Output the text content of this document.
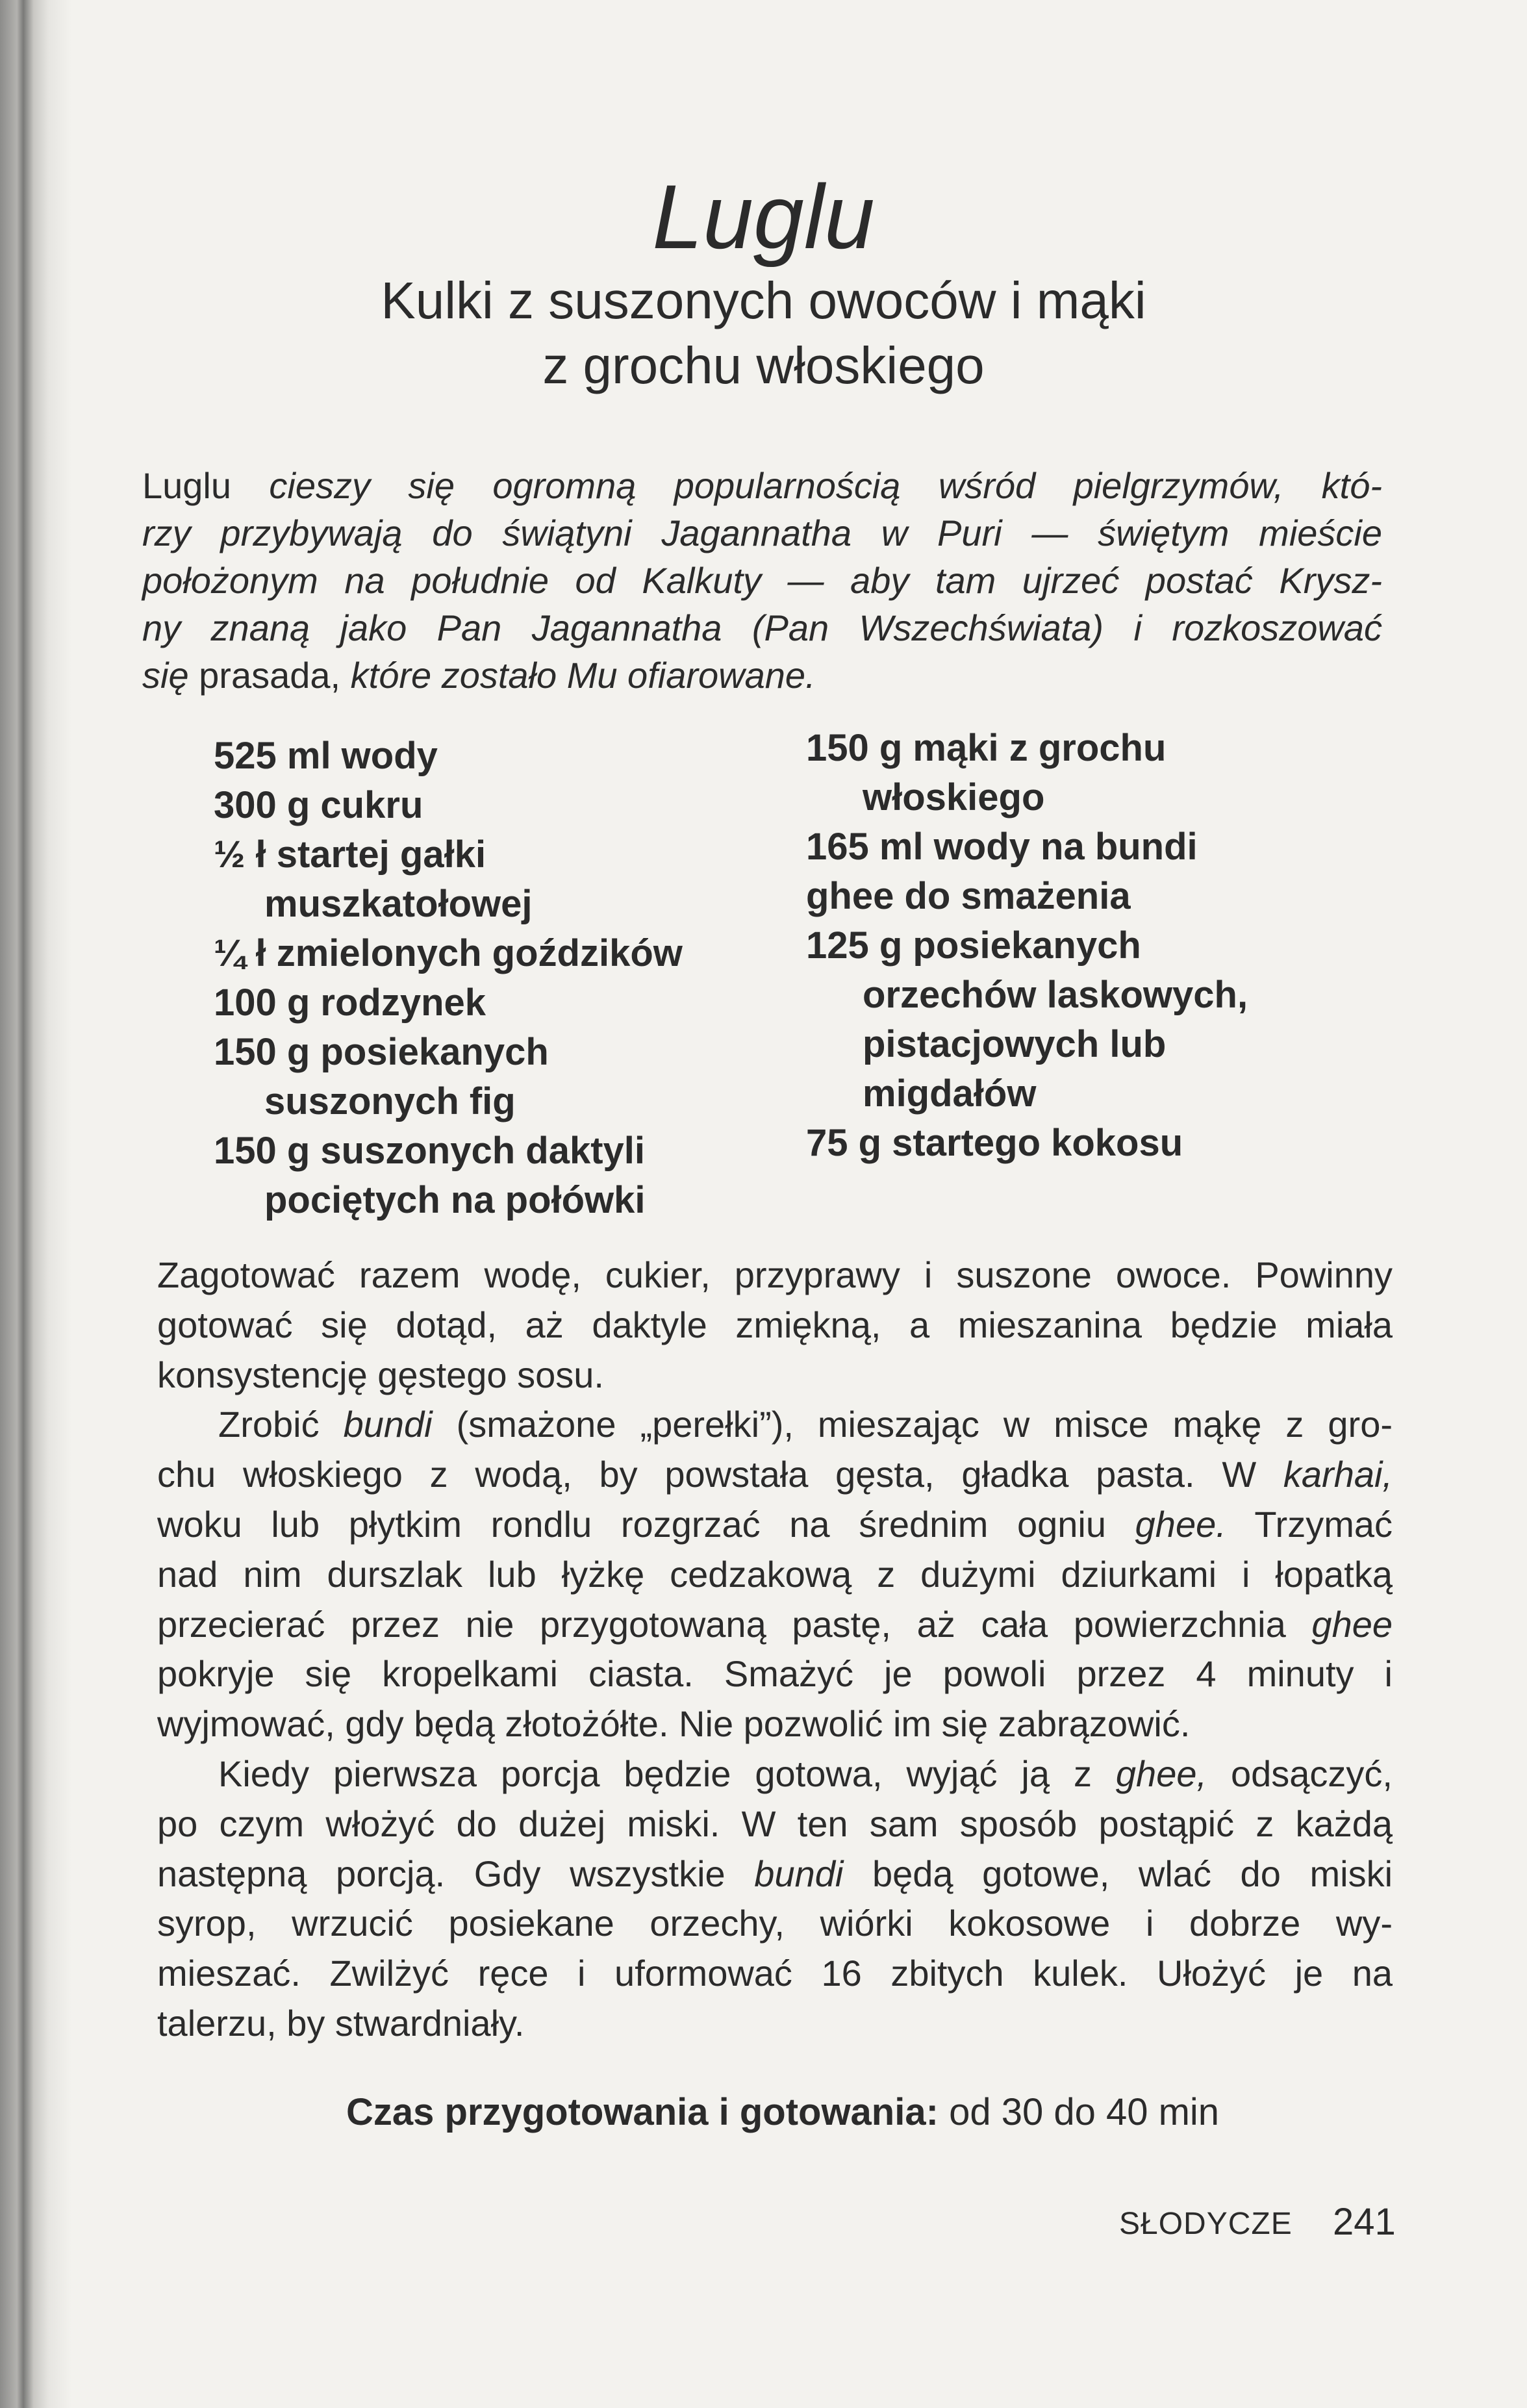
Luglu
Kulki z suszonych owoców i mąki
z grochu włoskiego
Luglu cieszy się ogromną popularnością wśród pielgrzymów, któ-
rzy przybywają do świątyni Jagannatha w Puri — świętym mieście
położonym na południe od Kalkuty — aby tam ujrzeć postać Krysz-
ny znaną jako Pan Jagannatha (Pan Wszechświata) i rozkoszować
się prasada, które zostało Mu ofiarowane.
525 ml wody
300 g cukru
½ ł startej gałki
muszkatołowej
¼ ł zmielonych goździków
100 g rodzynek
150 g posiekanych
suszonych fig
150 g suszonych daktyli
pociętych na połówki
150 g mąki z grochu
włoskiego
165 ml wody na bundi
ghee do smażenia
125 g posiekanych
orzechów laskowych,
pistacjowych lub
migdałów
75 g startego kokosu
Zagotować razem wodę, cukier, przyprawy i suszone owoce. Powinny
gotować się dotąd, aż daktyle zmiękną, a mieszanina będzie miała
konsystencję gęstego sosu.
Zrobić bundi (smażone „perełki”), mieszając w misce mąkę z gro-
chu włoskiego z wodą, by powstała gęsta, gładka pasta. W karhai,
woku lub płytkim rondlu rozgrzać na średnim ogniu ghee. Trzymać
nad nim durszlak lub łyżkę cedzakową z dużymi dziurkami i łopatką
przecierać przez nie przygotowaną pastę, aż cała powierzchnia ghee
pokryje się kropelkami ciasta. Smażyć je powoli przez 4 minuty i
wyjmować, gdy będą złotożółte. Nie pozwolić im się zabrązowić.
Kiedy pierwsza porcja będzie gotowa, wyjąć ją z ghee, odsączyć,
po czym włożyć do dużej miski. W ten sam sposób postąpić z każdą
następną porcją. Gdy wszystkie bundi będą gotowe, wlać do miski
syrop, wrzucić posiekane orzechy, wiórki kokosowe i dobrze wy-
mieszać. Zwilżyć ręce i uformować 16 zbitych kulek. Ułożyć je na
talerzu, by stwardniały.
Czas przygotowania i gotowania: od 30 do 40 min
SŁODYCZE 241
